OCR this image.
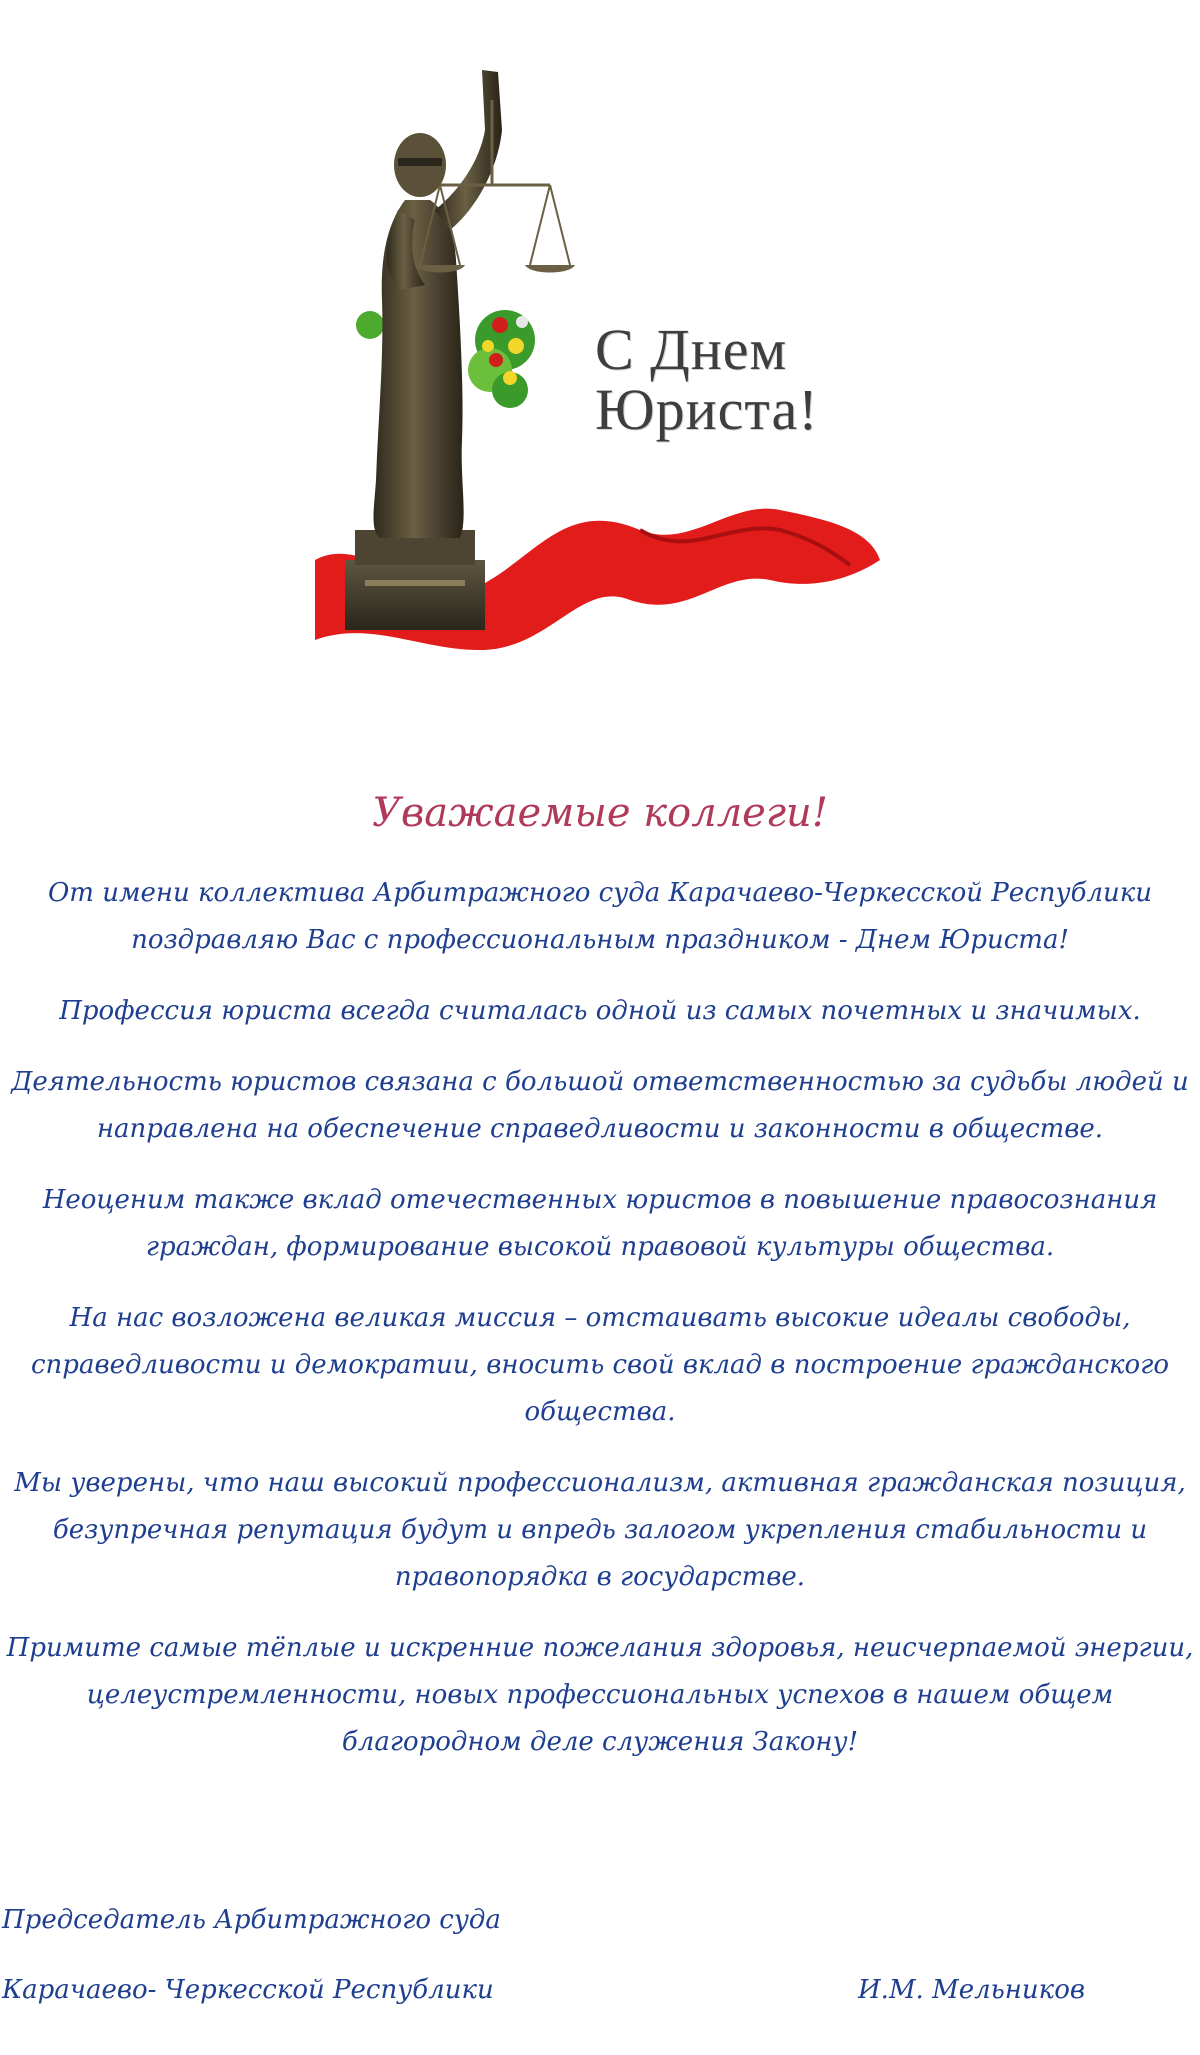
С Днем
Юриста!
Уважаемые коллеги!

От имени коллектива Арбитражного суда Карачаево-Черкесской Республики поздравляю Вас с профессиональным праздником - Днем Юриста!

Профессия юриста всегда считалась одной из самых почетных и значимых.

Деятельность юристов связана с большой ответственностью за судьбы людей и направлена на обеспечение справедливости и законности в обществе.

Неоценим также вклад отечественных юристов в повышение правосознания граждан, формирование высокой правовой культуры общества.

На нас возложена великая миссия – отстаивать высокие идеалы свободы, справедливости и демократии, вносить свой вклад в построение гражданского общества.

Мы уверены, что наш высокий профессионализм, активная гражданская позиция, безупречная репутация будут и впредь залогом укрепления стабильности и правопорядка в государстве.

Примите самые тёплые и искренние пожелания здоровья, неисчерпаемой энергии, целеустремленности, новых профессиональных успехов в нашем общем благородном деле служения Закону!

Председатель Арбитражного суда
Карачаево- Черкесской Республики	И.М. Мельников
